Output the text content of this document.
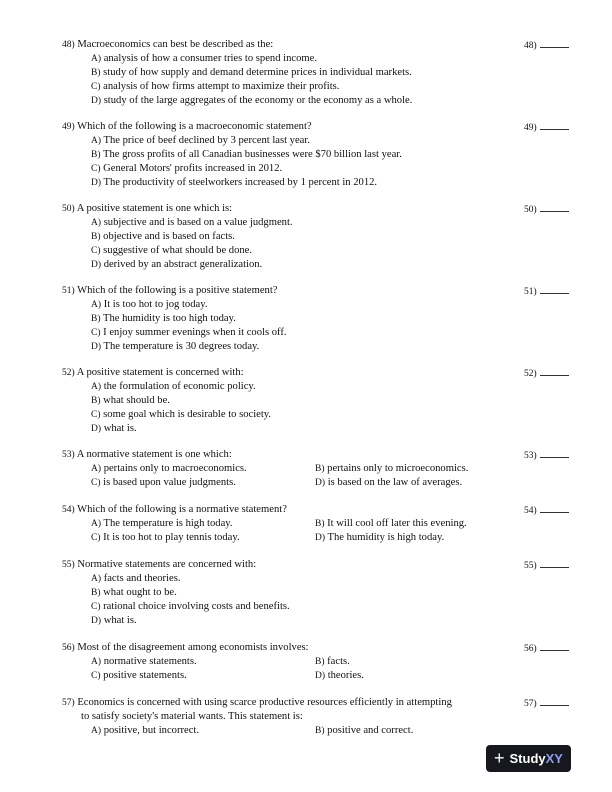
48) Macroeconomics can best be described as the:
A) analysis of how a consumer tries to spend income.
B) study of how supply and demand determine prices in individual markets.
C) analysis of how firms attempt to maximize their profits.
D) study of the large aggregates of the economy or the economy as a whole.
48)
49) Which of the following is a macroeconomic statement?
A) The price of beef declined by 3 percent last year.
B) The gross profits of all Canadian businesses were $70 billion last year.
C) General Motors' profits increased in 2012.
D) The productivity of steelworkers increased by 1 percent in 2012.
49)
50) A positive statement is one which is:
A) subjective and is based on a value judgment.
B) objective and is based on facts.
C) suggestive of what should be done.
D) derived by an abstract generalization.
50)
51) Which of the following is a positive statement?
A) It is too hot to jog today.
B) The humidity is too high today.
C) I enjoy summer evenings when it cools off.
D) The temperature is 30 degrees today.
51)
52) A positive statement is concerned with:
A) the formulation of economic policy.
B) what should be.
C) some goal which is desirable to society.
D) what is.
52)
53) A normative statement is one which:
A) pertains only to macroeconomics.	B) pertains only to microeconomics.
C) is based upon value judgments.	D) is based on the law of averages.
53)
54) Which of the following is a normative statement?
A) The temperature is high today.	B) It will cool off later this evening.
C) It is too hot to play tennis today.	D) The humidity is high today.
54)
55) Normative statements are concerned with:
A) facts and theories.
B) what ought to be.
C) rational choice involving costs and benefits.
D) what is.
55)
56) Most of the disagreement among economists involves:
A) normative statements.	B) facts.
C) positive statements.	D) theories.
56)
57) Economics is concerned with using scarce productive resources efficiently in attempting
to satisfy society's material wants. This statement is:
A) positive, but incorrect.	B) positive and correct.
57)
+ Study XY
